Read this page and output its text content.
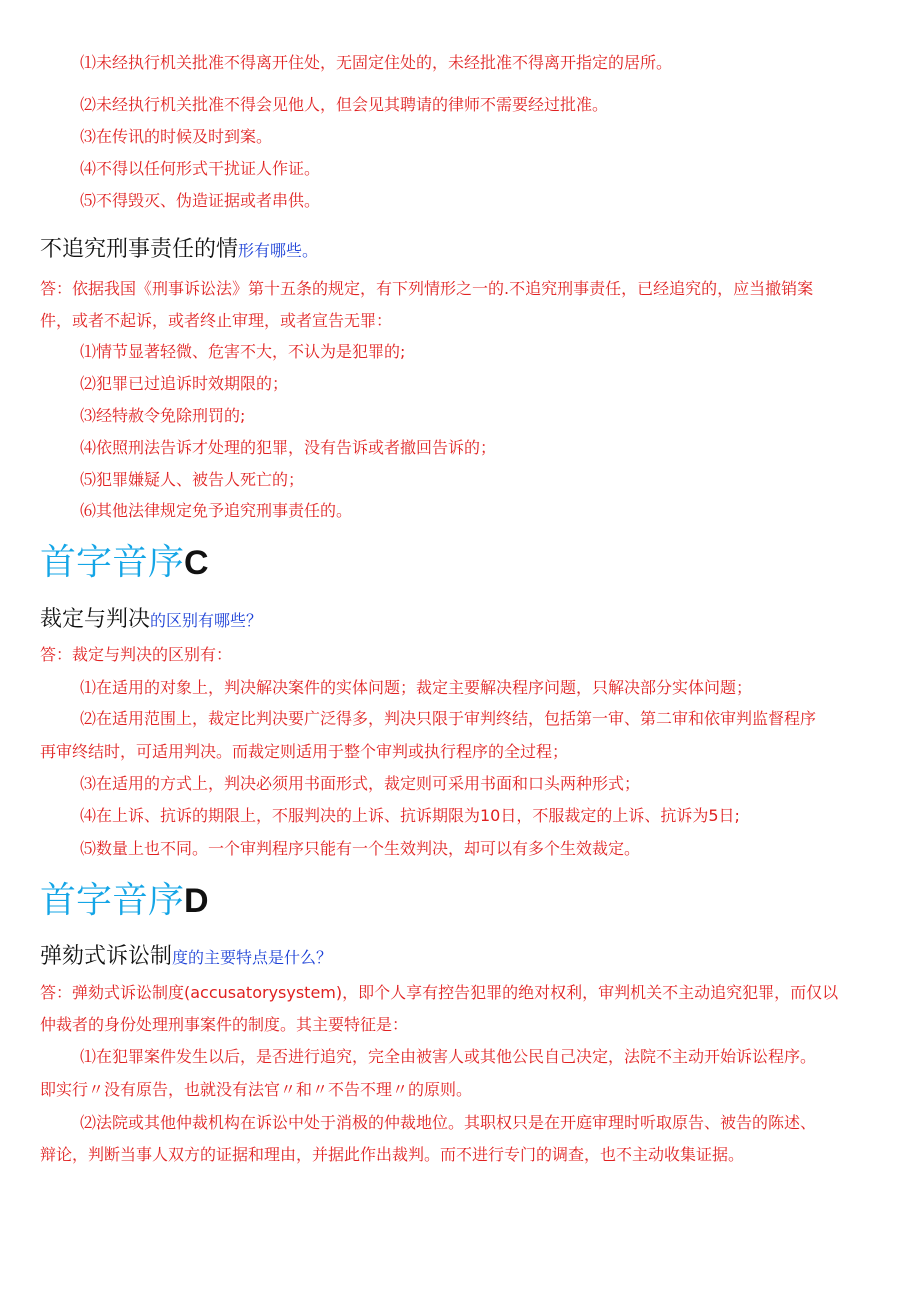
⑴未经执行机关批准不得离开住处，无固定住处的，未经批准不得离开指定的居所。
⑵未经执行机关批准不得会见他人，但会见其聘请的律师不需要经过批准。
⑶在传讯的时候及时到案。
⑷不得以任何形式干扰证人作证。
⑸不得毁灭、伪造证据或者串供。
不追究刑事责任的情形有哪些。
答：依据我国《刑事诉讼法》第十五条的规定，有下列情形之一的.不追究刑事责任，已经追究的，应当撤销案
件，或者不起诉，或者终止审理，或者宣告无罪：
⑴情节显著轻微、危害不大，不认为是犯罪的;
⑵犯罪已过追诉时效期限的；
⑶经特赦令免除刑罚的;
⑷依照刑法告诉才处理的犯罪，没有告诉或者撤回告诉的；
⑸犯罪嫌疑人、被告人死亡的；
⑹其他法律规定免予追究刑事责任的。
首字音序C
裁定与判决的区别有哪些？
答：裁定与判决的区别有：
⑴在适用的对象上，判决解决案件的实体问题；裁定主要解决程序问题，只解决部分实体问题；
⑵在适用范围上，裁定比判决要广泛得多，判决只限于审判终结，包括第一审、第二审和依审判监督程序
再审终结时，可适用判决。而裁定则适用于整个审判或执行程序的全过程；
⑶在适用的方式上，判决必须用书面形式，裁定则可采用书面和口头两种形式；
⑷在上诉、抗诉的期限上，不服判决的上诉、抗诉期限为10日，不服裁定的上诉、抗诉为5日;
⑸数量上也不同。一个审判程序只能有一个生效判决，却可以有多个生效裁定。
首字音序D
弹劾式诉讼制度的主要特点是什么？
答：弹劾式诉讼制度(accusatorysystem)，即个人享有控告犯罪的绝对权利，审判机关不主动追究犯罪，而仅以
仲裁者的身份处理刑事案件的制度。其主要特征是：
⑴在犯罪案件发生以后，是否进行追究，完全由被害人或其他公民自己决定，法院不主动开始诉讼程序。
即实行〃没有原告，也就没有法官〃和〃不告不理〃的原则。
⑵法院或其他仲裁机构在诉讼中处于消极的仲裁地位。其职权只是在开庭审理时听取原告、被告的陈述、
辩论，判断当事人双方的证据和理由，并据此作出裁判。而不进行专门的调查，也不主动收集证据。
